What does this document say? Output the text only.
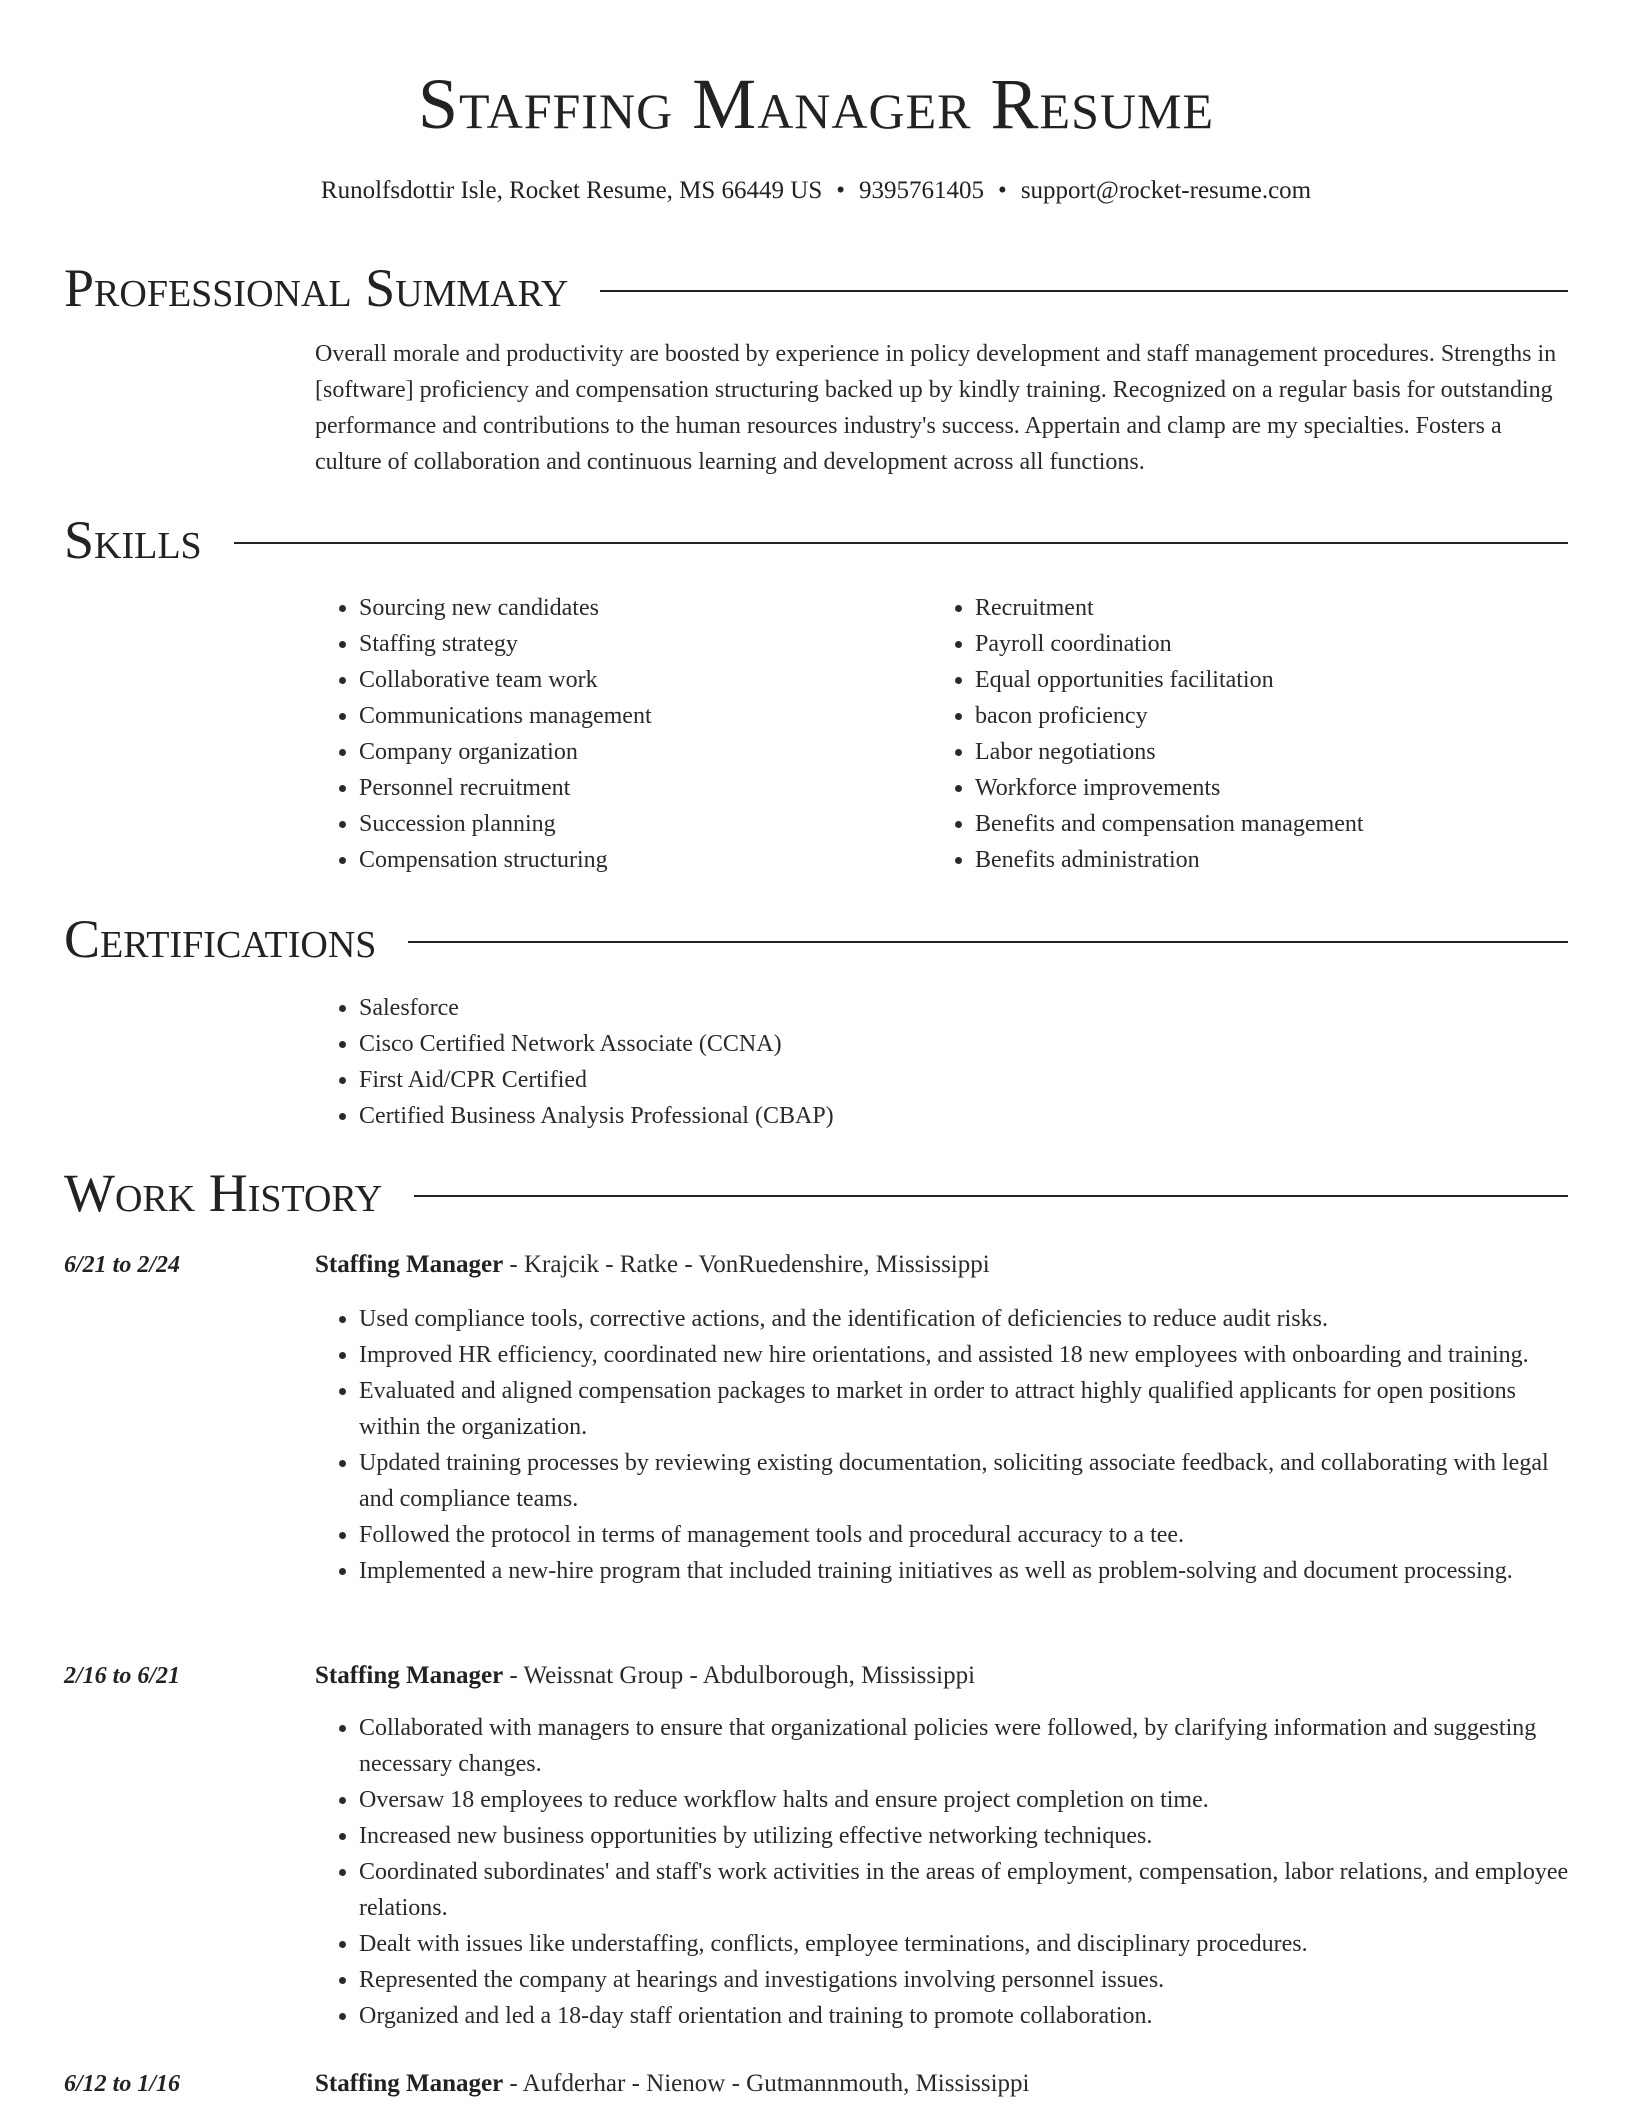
Staffing Manager Resume
Runolfsdottir Isle, Rocket Resume, MS 66449 US • 9395761405 • support@rocket-resume.com
Professional Summary
Overall morale and productivity are boosted by experience in policy development and staff management procedures. Strengths in [software] proficiency and compensation structuring backed up by kindly training. Recognized on a regular basis for outstanding performance and contributions to the human resources industry's success. Appertain and clamp are my specialties. Fosters a culture of collaboration and continuous learning and development across all functions.
Skills
• Sourcing new candidates
• Staffing strategy
• Collaborative team work
• Communications management
• Company organization
• Personnel recruitment
• Succession planning
• Compensation structuring
• Recruitment
• Payroll coordination
• Equal opportunities facilitation
• bacon proficiency
• Labor negotiations
• Workforce improvements
• Benefits and compensation management
• Benefits administration
Certifications
• Salesforce
• Cisco Certified Network Associate (CCNA)
• First Aid/CPR Certified
• Certified Business Analysis Professional (CBAP)
Work History
6/21 to 2/24	Staffing Manager - Krajcik - Ratke - VonRuedenshire, Mississippi
• Used compliance tools, corrective actions, and the identification of deficiencies to reduce audit risks.
• Improved HR efficiency, coordinated new hire orientations, and assisted 18 new employees with onboarding and training.
• Evaluated and aligned compensation packages to market in order to attract highly qualified applicants for open positions within the organization.
• Updated training processes by reviewing existing documentation, soliciting associate feedback, and collaborating with legal and compliance teams.
• Followed the protocol in terms of management tools and procedural accuracy to a tee.
• Implemented a new-hire program that included training initiatives as well as problem-solving and document processing.
2/16 to 6/21	Staffing Manager - Weissnat Group - Abdulborough, Mississippi
• Collaborated with managers to ensure that organizational policies were followed, by clarifying information and suggesting necessary changes.
• Oversaw 18 employees to reduce workflow halts and ensure project completion on time.
• Increased new business opportunities by utilizing effective networking techniques.
• Coordinated subordinates' and staff's work activities in the areas of employment, compensation, labor relations, and employee relations.
• Dealt with issues like understaffing, conflicts, employee terminations, and disciplinary procedures.
• Represented the company at hearings and investigations involving personnel issues.
• Organized and led a 18-day staff orientation and training to promote collaboration.
6/12 to 1/16	Staffing Manager - Aufderhar - Nienow - Gutmannmouth, Mississippi
